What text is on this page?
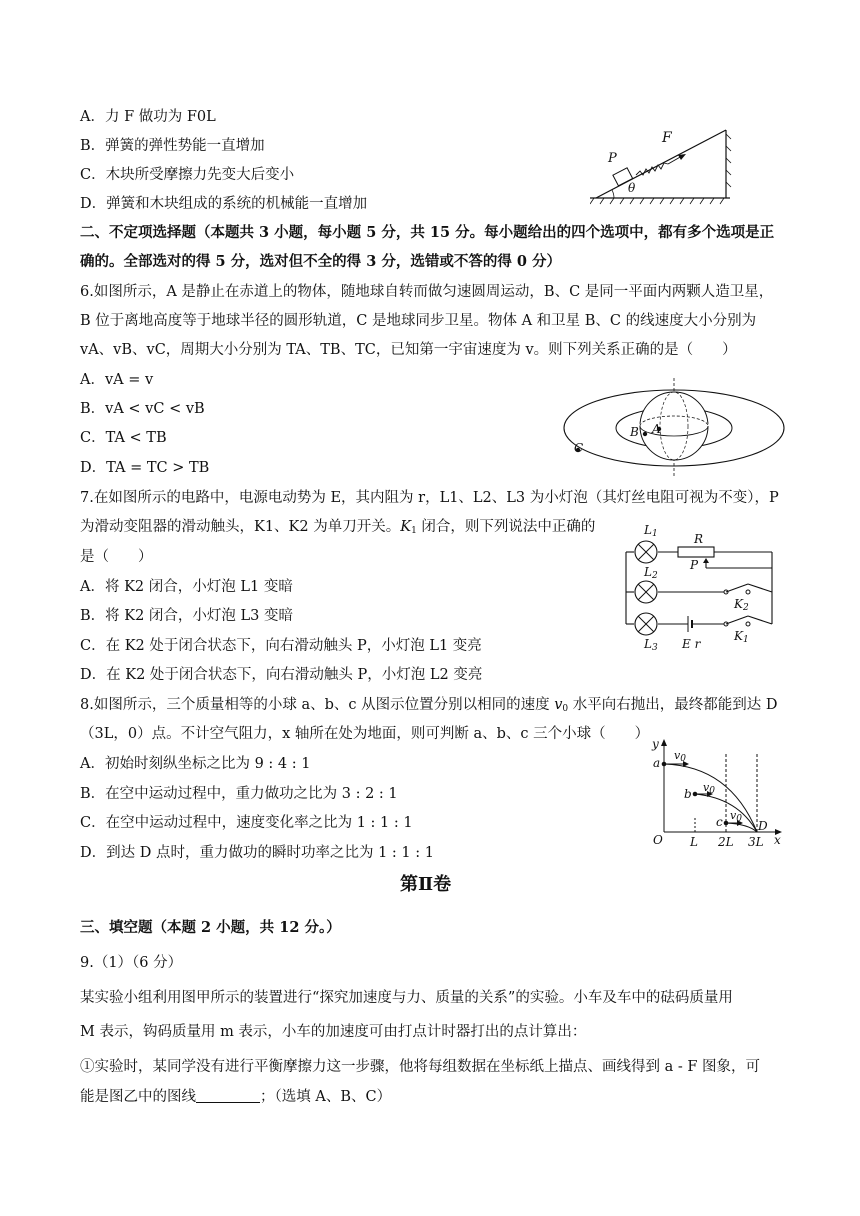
A．力 F 做功为 F0L
B．弹簧的弹性势能一直增加
C．木块所受摩擦力先变大后变小
D．弹簧和木块组成的系统的机械能一直增加
F
P
θ
二、不定项选择题（本题共 3 小题，每小题 5 分，共 15 分。每小题给出的四个选项中，都有多个选项是正
确的。全部选对的得 5 分，选对但不全的得 3 分，选错或不答的得 0 分）
6.如图所示，A 是静止在赤道上的物体，随地球自转而做匀速圆周运动，B、C 是同一平面内两颗人造卫星，
B 位于离地高度等于地球半径的圆形轨道，C 是地球同步卫星。物体 A 和卫星 B、C 的线速度大小分别为
vA、vB、vC，周期大小分别为 TA、TB、TC，已知第一宇宙速度为 v。则下列关系正确的是（　　）
A．vA = v
B．vA < vC < vB
C．TA < TB
D．TA = TC > TB
A
B
C
7.在如图所示的电路中，电源电动势为 E，其内阻为 r，L1、L2、L3 为小灯泡（其灯丝电阻可视为不变），P
为滑动变阻器的滑动触头，K1、K2 为单刀开关。$K_1$ 闭合，则下列说法中正确的
是（　　）
A．将 K2 闭合，小灯泡 L1 变暗
B．将 K2 闭合，小灯泡 L3 变暗
C．在 K2 处于闭合状态下，向右滑动触头 P，小灯泡 L1 变亮
D．在 K2 处于闭合状态下，向右滑动触头 P，小灯泡 L2 变亮
$L_1$
$L_2$
$L_3$
R
P
$K_2$
$K_1$
E r
8.如图所示，三个质量相等的小球 a、b、c 从图示位置分别以相同的速度 $v_0$ 水平向右抛出，最终都能到达 D
（3L，0）点。不计空气阻力，x 轴所在处为地面，则可判断 a、b、c 三个小球（　　）
A．初始时刻纵坐标之比为 9 : 4 : 1
B．在空中运动过程中，重力做功之比为 3 : 2 : 1
C．在空中运动过程中，速度变化率之比为 1 : 1 : 1
D．到达 D 点时，重力做功的瞬时功率之比为 1 : 1 : 1
y
x
O L 2L 3L
D
a
b
c
$v_0$
$v_0$
$v_0$
第Ⅱ卷
三、填空题（本题 2 小题，共 12 分。）
9.（1）（6 分）
某实验小组利用图甲所示的装置进行“探究加速度与力、质量的关系”的实验。小车及车中的砝码质量用
M 表示，钩码质量用 m 表示，小车的加速度可由打点计时器打出的点计算出：
①实验时，某同学没有进行平衡摩擦力这一步骤，他将每组数据在坐标纸上描点、画线得到 a - F 图象，可
能是图乙中的图线	；（选填 A、B、C）
